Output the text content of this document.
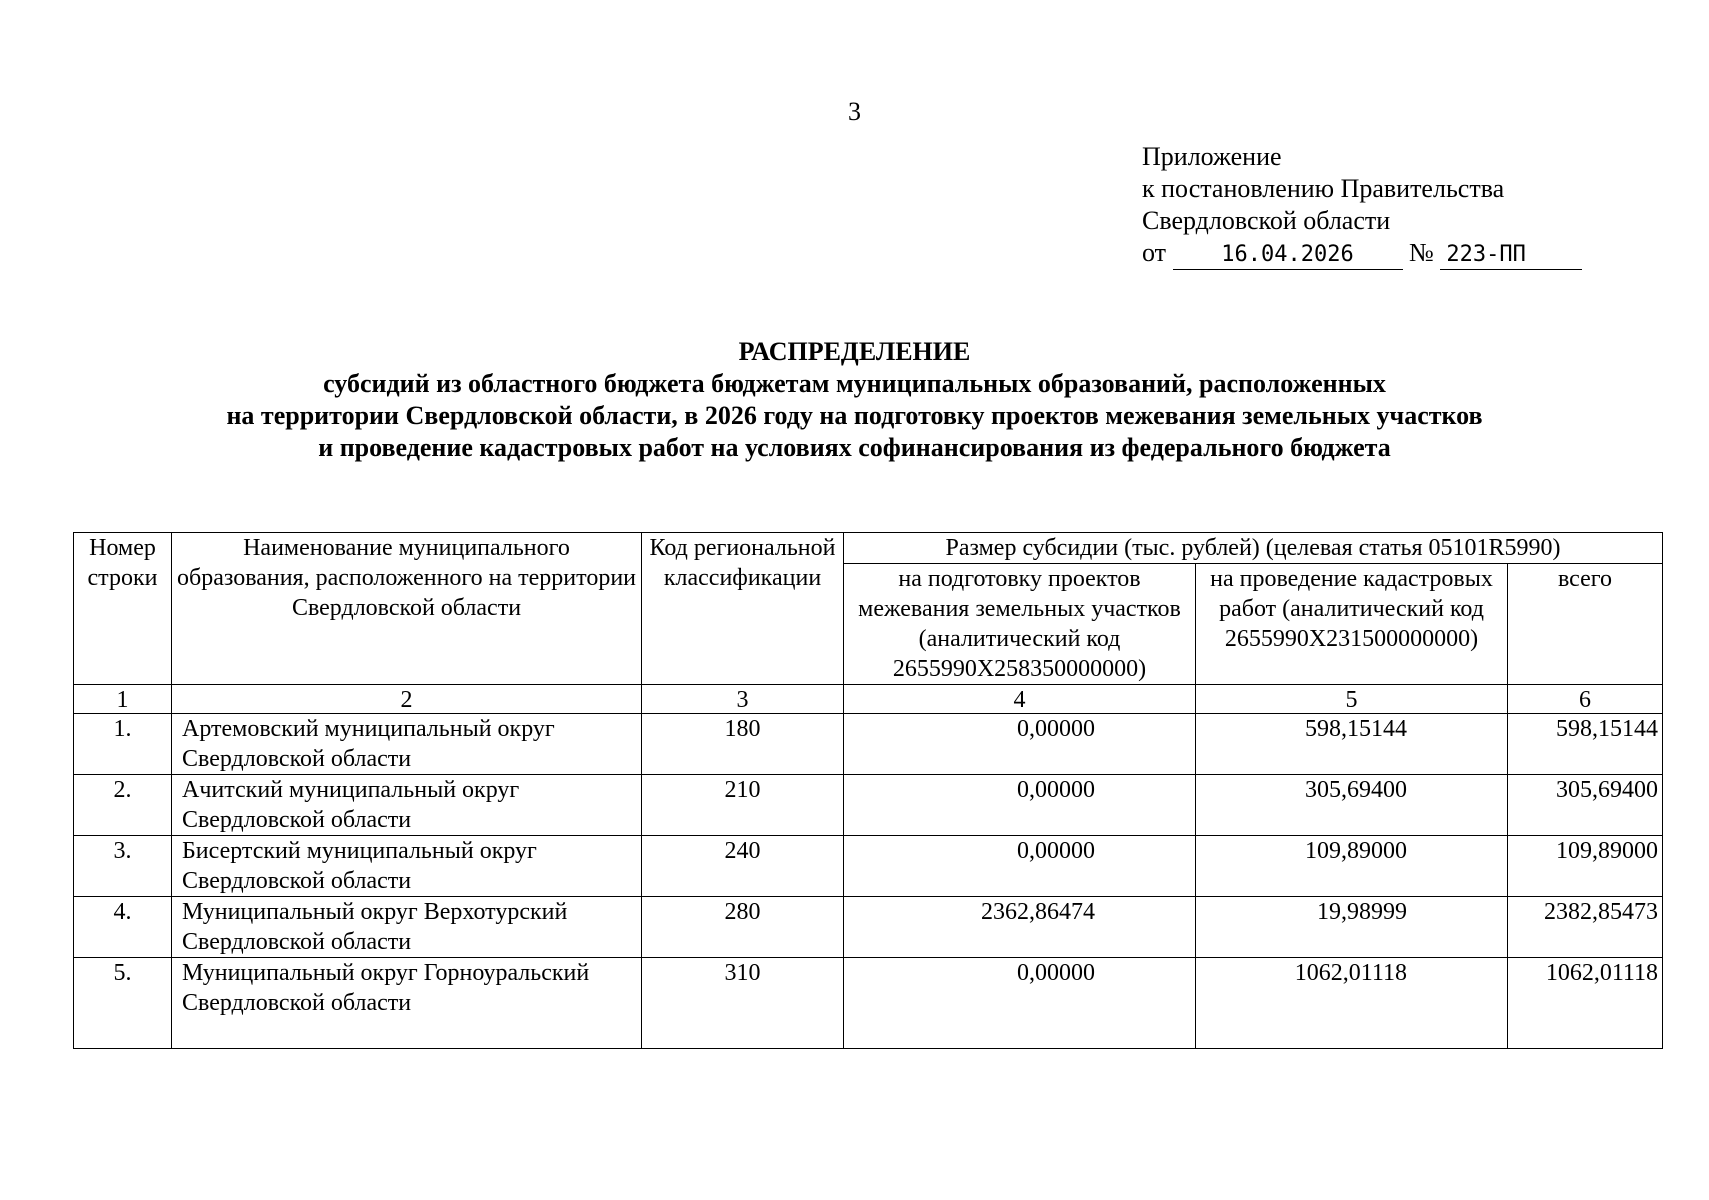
3
Приложение
к постановлению Правительства
Свердловской области
от	16.04.2026 № 223-ПП
РАСПРЕДЕЛЕНИЕ
субсидий из областного бюджета бюджетам муниципальных образований, расположенных
на территории Свердловской области, в 2026 году на подготовку проектов межевания земельных участков
и проведение кадастровых работ на условиях софинансирования из федерального бюджета
Номер строки	Наименование муниципального образования, расположенного на территории Свердловской области	Код региональной классификации	Размер субсидии (тыс. рублей) (целевая статья 05101R5990)		
			на подготовку проектов межевания земельных участков (аналитический код 2655990X258350000000)	на проведение кадастровых работ (аналитический код 2655990X231500000000)	всего
1	2	3	4	5	6
1.	Артемовский муниципальный округ Свердловской области	180	0,00000	598,15144	598,15144
2.	Ачитский муниципальный округ Свердловской области	210	0,00000	305,69400	305,69400
3.	Бисертский муниципальный округ Свердловской области	240	0,00000	109,89000	109,89000
4.	Муниципальный округ Верхотурский Свердловской области	280	2362,86474	19,98999	2382,85473
5.	Муниципальный округ Горноуральский Свердловской области	310	0,00000	1062,01118	1062,01118
